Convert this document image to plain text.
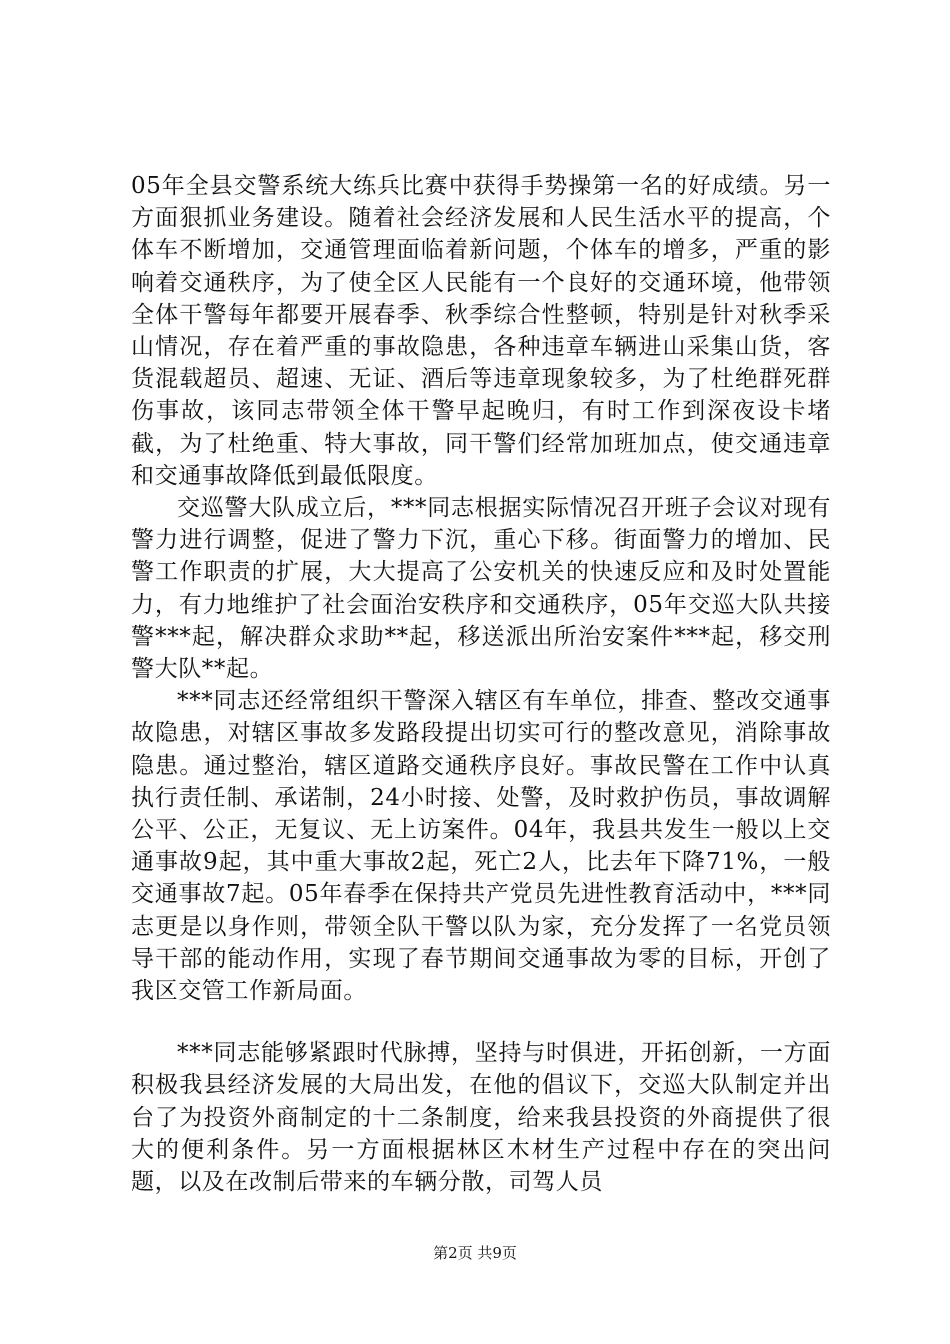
05年全县交警系统大练兵比赛中获得手势操第一名的好成绩。另一方面狠抓业务建设。随着社会经济发展和人民生活水平的提高，个体车不断增加，交通管理面临着新问题，个体车的增多，严重的影响着交通秩序，为了使全区人民能有一个良好的交通环境，他带领全体干警每年都要开展春季、秋季综合性整顿，特别是针对秋季采山情况，存在着严重的事故隐患，各种违章车辆进山采集山货，客货混载超员、超速、无证、酒后等违章现象较多，为了杜绝群死群伤事故，该同志带领全体干警早起晚归，有时工作到深夜设卡堵截，为了杜绝重、特大事故，同干警们经常加班加点，使交通违章和交通事故降低到最低限度。

交巡警大队成立后，***同志根据实际情况召开班子会议对现有警力进行调整，促进了警力下沉，重心下移。街面警力的增加、民警工作职责的扩展，大大提高了公安机关的快速反应和及时处置能力，有力地维护了社会面治安秩序和交通秩序，05年交巡大队共接警***起，解决群众求助**起，移送派出所治安案件***起，移交刑警大队**起。

***同志还经常组织干警深入辖区有车单位，排查、整改交通事故隐患，对辖区事故多发路段提出切实可行的整改意见，消除事故隐患。通过整治，辖区道路交通秩序良好。事故民警在工作中认真执行责任制、承诺制，24小时接、处警，及时救护伤员，事故调解公平、公正，无复议、无上访案件。04年，我县共发生一般以上交通事故9起，其中重大事故2起，死亡2人，比去年下降71%，一般交通事故7起。05年春季在保持共产党员先进性教育活动中，***同志更是以身作则，带领全队干警以队为家，充分发挥了一名党员领导干部的能动作用，实现了春节期间交通事故为零的目标，开创了我区交管工作新局面。

***同志能够紧跟时代脉搏，坚持与时俱进，开拓创新，一方面积极我县经济发展的大局出发，在他的倡议下，交巡大队制定并出台了为投资外商制定的十二条制度，给来我县投资的外商提供了很大的便利条件。另一方面根据林区木材生产过程中存在的突出问题，以及在改制后带来的车辆分散，司驾人员

第2页 共9页
